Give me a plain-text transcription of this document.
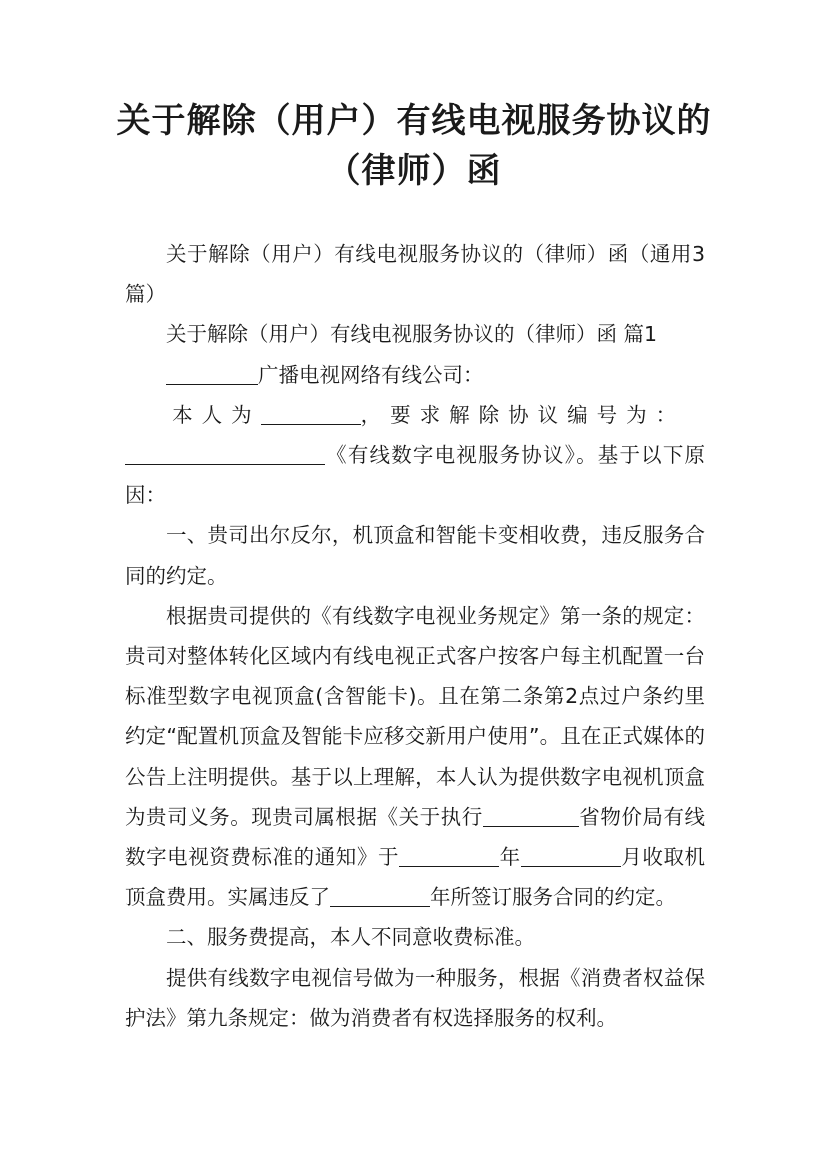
关于解除（用户）有线电视服务协议的（律师）函

关于解除（用户）有线电视服务协议的（律师）函（通用3篇）

关于解除（用户）有线电视服务协议的（律师）函 篇1

广播电视网络有线公司：

本人为	，要求解除协议编号为：

《有线数字电视服务协议》。基于以下原因：

一、贵司出尔反尔，机顶盒和智能卡变相收费，违反服务合同的约定。

根据贵司提供的《有线数字电视业务规定》第一条的规定：贵司对整体转化区域内有线电视正式客户按客户每主机配置一台标准型数字电视顶盒(含智能卡)。且在第二条第2点过户条约里约定“配置机顶盒及智能卡应移交新用户使用”。且在正式媒体的公告上注明提供。基于以上理解，本人认为提供数字电视机顶盒为贵司义务。现贵司属根据《关于执行	省物价局有线数字电视资费标准的通知》于	年	月收取机顶盒费用。实属违反了	年所签订服务合同的约定。

二、服务费提高，本人不同意收费标准。

提供有线数字电视信号做为一种服务，根据《消费者权益保护法》第九条规定：做为消费者有权选择服务的权利。
